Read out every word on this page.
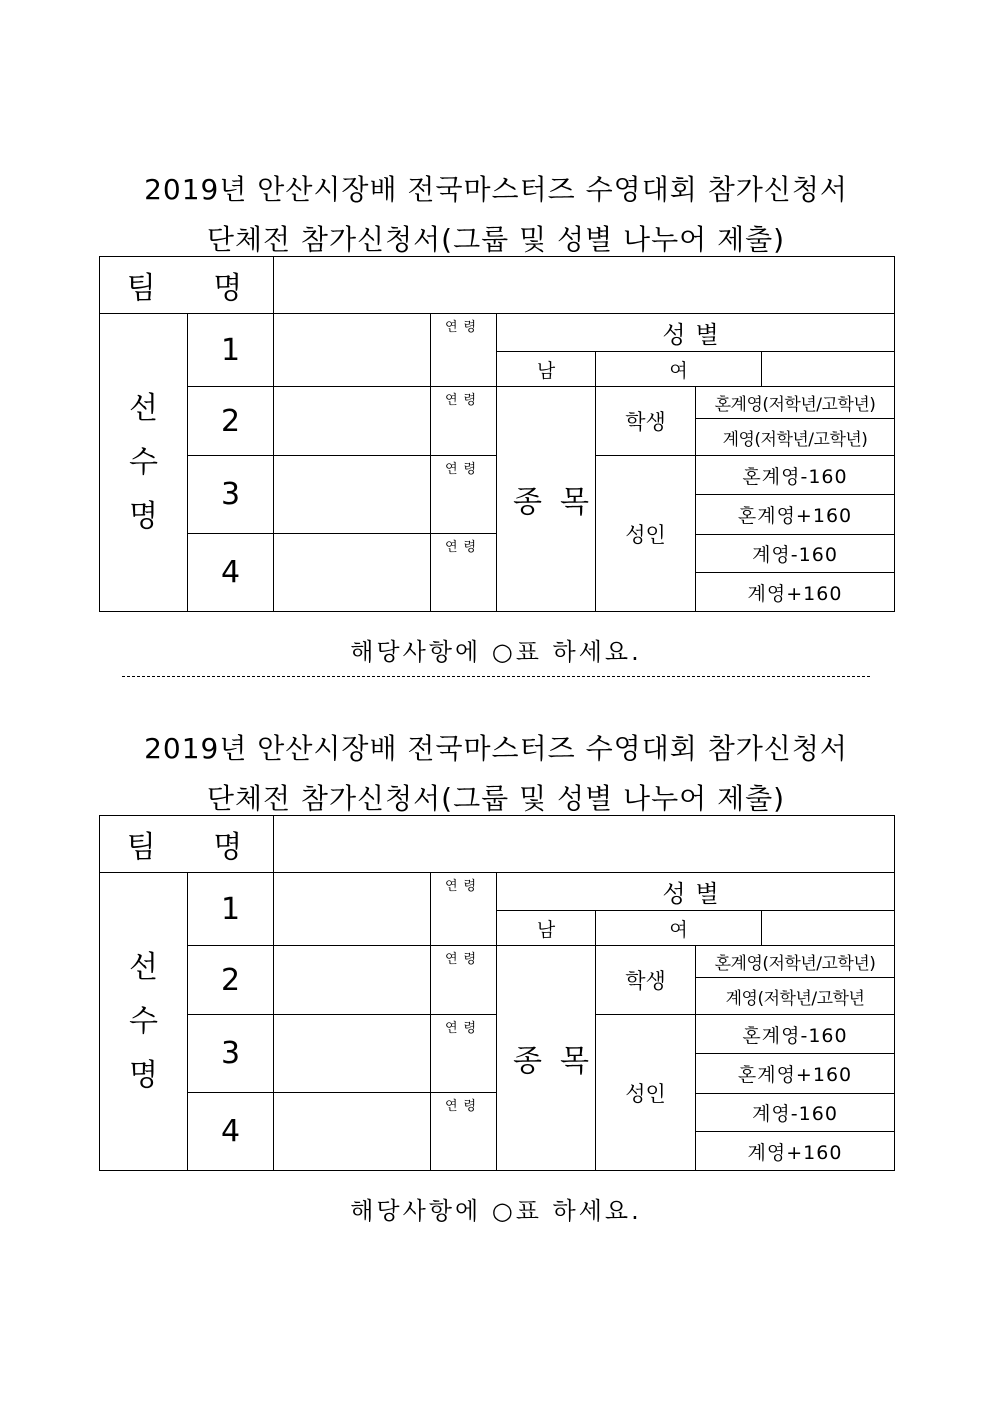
2019년 안산시장배 전국마스터즈 수영대회 참가신청서
단체전 참가신청서(그룹 및 성별 나누어 제출)
팀 명							

선
수
명	1		연령	성별			
				남	여		
	2		연령	종목	학생	혼계영(저학년/고학년)	
						계영(저학년/고학년)	
	3		연령		성인	혼계영-160	

						혼계영+160	
	4		연령				
						계영-160	
						계영+160	
해당사항에 ○표 하세요.
2019년 안산시장배 전국마스터즈 수영대회 참가신청서
단체전 참가신청서(그룹 및 성별 나누어 제출)
팀 명							

선
수
명	1		연령	성별			
				남	여		
	2		연령	종목	학생	혼계영(저학년/고학년)	
						계영(저학년/고학년	
	3		연령		성인	혼계영-160	

						혼계영+160	
	4		연령				
						계영-160	
						계영+160	
해당사항에 ○표 하세요.
